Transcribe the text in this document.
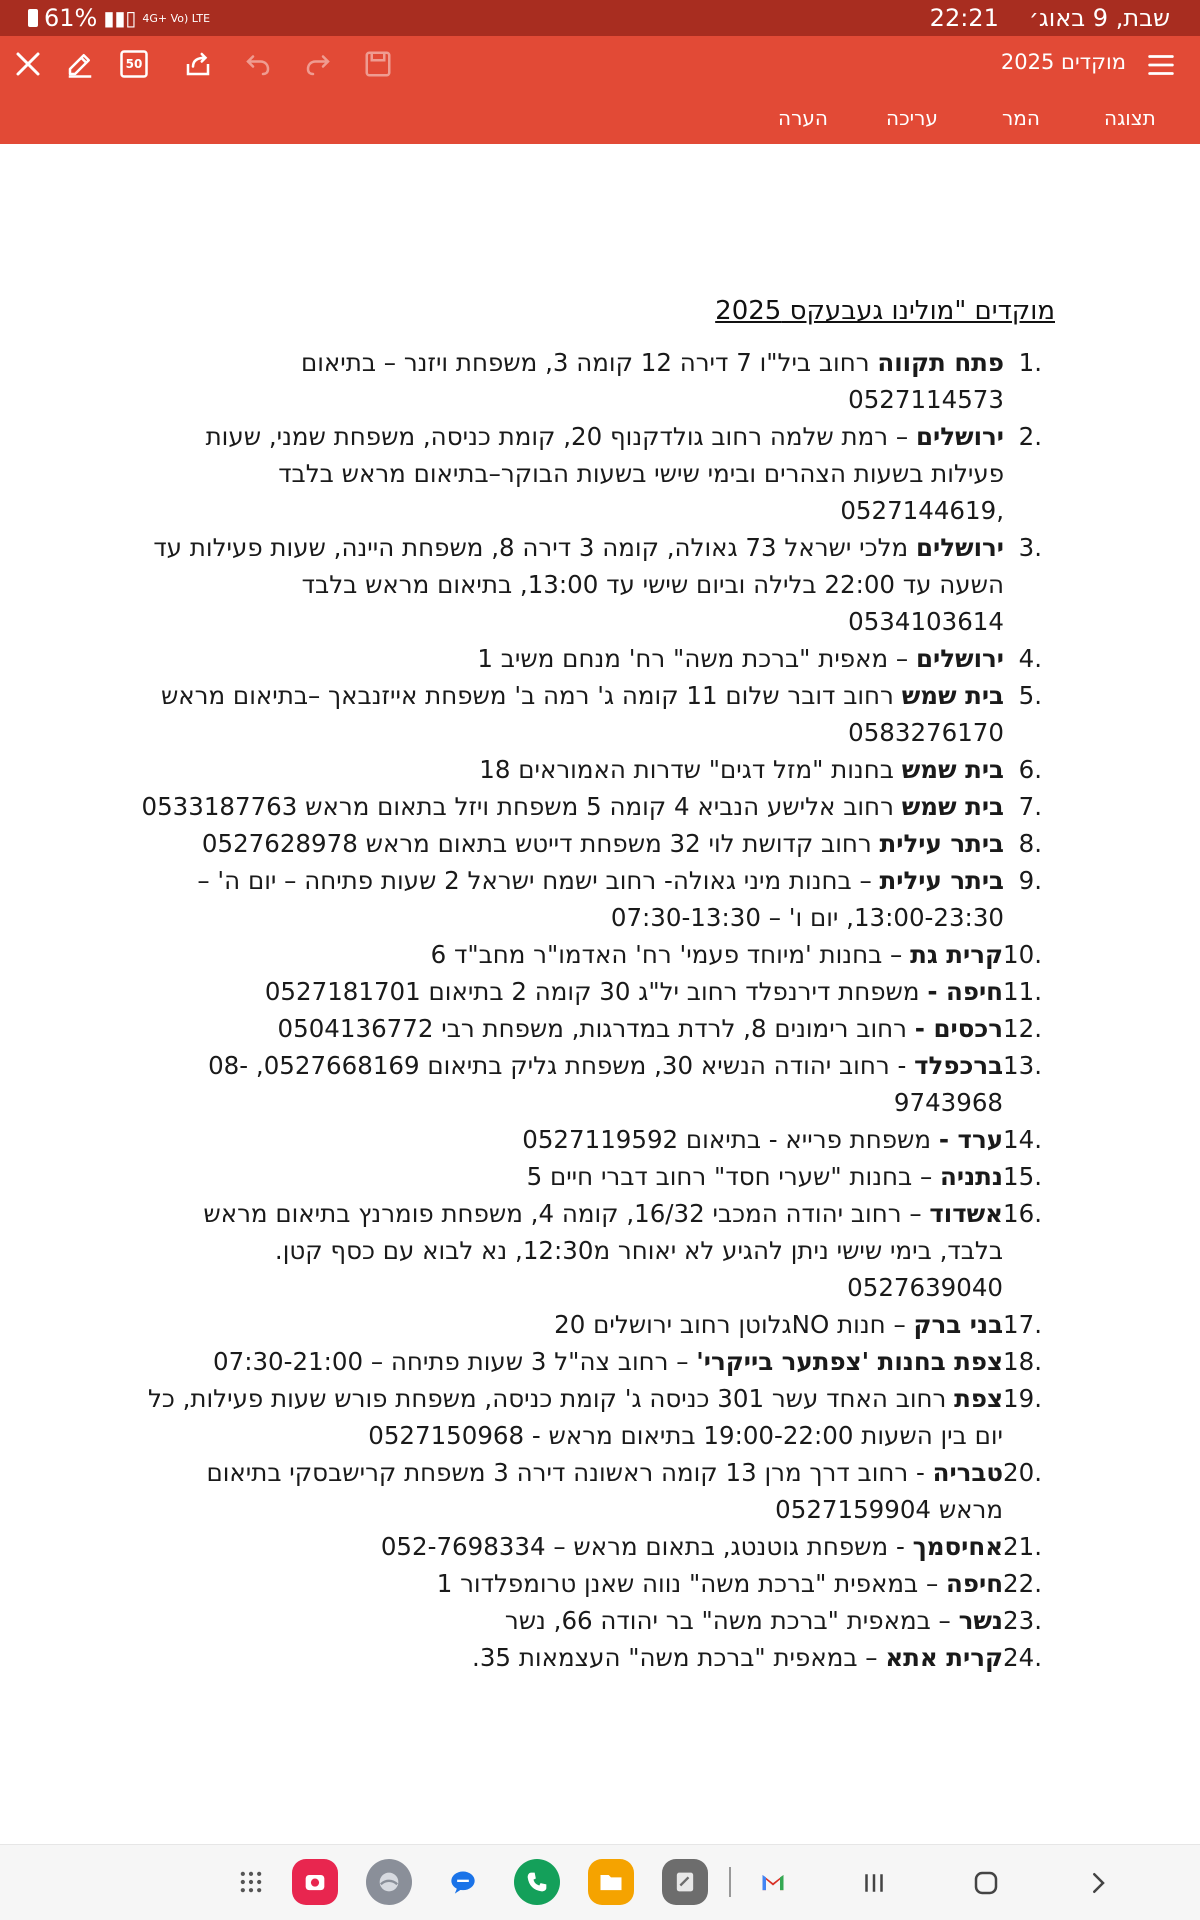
61% ▮▮▯ 4G+ Vo) LTE	שבת, 9 באוג׳
22:21
50	מוקדים 2025
תצוגה
המר
עריכה
הערה
מוקדים "מולינו געבעקס 2025
1.
פתח תקווה רחוב ביל"ו 7 דירה 12 קומה 3, משפחת ויזנר – בתיאום 0527114573
2.
ירושלים – רמת שלמה רחוב גולדקנוף 20, קומת כניסה, משפחת שמני, שעות פעילות בשעות הצהרים ובימי שישי בשעות הבוקר–בתיאום מראש בלבד ,0527144619
3.
ירושלים מלכי ישראל 73 גאולה, קומה 3 דירה 8, משפחת היינה, שעות פעילות עד השעה עד 22:00 בלילה וביום שישי עד 13:00, בתיאום מראש בלבד 0534103614
4.
ירושלים – מאפית "ברכת משה" רח' מנחם משיב 1
5.
בית שמש רחוב דובר שלום 11 קומה ג' רמה ב' משפחת אייזנבאך –בתיאום מראש 0583276170
6.
בית שמש בחנות "מזל דגים" שדרות האמוראים 18
7.
בית שמש רחוב אלישע הנביא 4 קומה 5 משפחת ויזל בתאום מראש 0533187763
8.
ביתר עילית רחוב קדושת לוי 32 משפחת דייטש בתאום מראש 0527628978
9.
ביתר עילית – בחנות מיני גאולה- רחוב ישמח ישראל 2 שעות פתיחה – יום ה' – 13:00-23:30, יום ו' – 07:30-13:30
10.
קרית גת – בחנות 'מיוחד פעמי' רח' האדמו"ר מחב"ד 6
11.
חיפה - משפחת דירנפלד רחוב יל"ג 30 קומה 2 בתיאום 0527181701
12.
רכסים - רחוב רימונים 8, לרדת במדרגות, משפחת רבי 0504136772
13.
ברכפלד - רחוב יהודה הנשיא 30, משפחת גליק בתיאום 0527668169, 08-9743968
14.
ערד - משפחת פרייא - בתיאום 0527119592
15.
נתניה – בחנות "שערי חסד" רחוב דברי חיים 5
16.
אשדוד – רחוב יהודה המכבי 16/32, קומה 4, משפחת פומרנץ בתיאום מראש בלבד, בימי שישי ניתן להגיע לא יאוחר מ12:30, נא לבוא עם כסף קטן. 0527639040
17.
בני ברק – חנות NOגלוטן רחוב ירושלים 20
18.
צפת בחנות 'צפתער בייקרי' – רחוב צה"ל 3 שעות פתיחה – 07:30-21:00
19.
צפת רחוב האחד עשר 301 כניסה ג' קומת כניסה, משפחת פורש שעות פעילות, כל יום בין השעות 19:00-22:00 בתיאום מראש - 0527150968
20.
טבריה - רחוב דרך מרן 13 קומה ראשונה דירה 3 משפחת קרישבסקי בתיאום מראש 0527159904
21.
אחיסמך - משפחת גוטנטג, בתאום מראש – 052-7698334
22.
חיפה – במאפית "ברכת משה" נווה שאנן טרומפלדור 1
23.
נשר – במאפית "ברכת משה" בר יהודה 66, נשר
24.
קרית אתא – במאפית "ברכת משה" העצמאות 35.
